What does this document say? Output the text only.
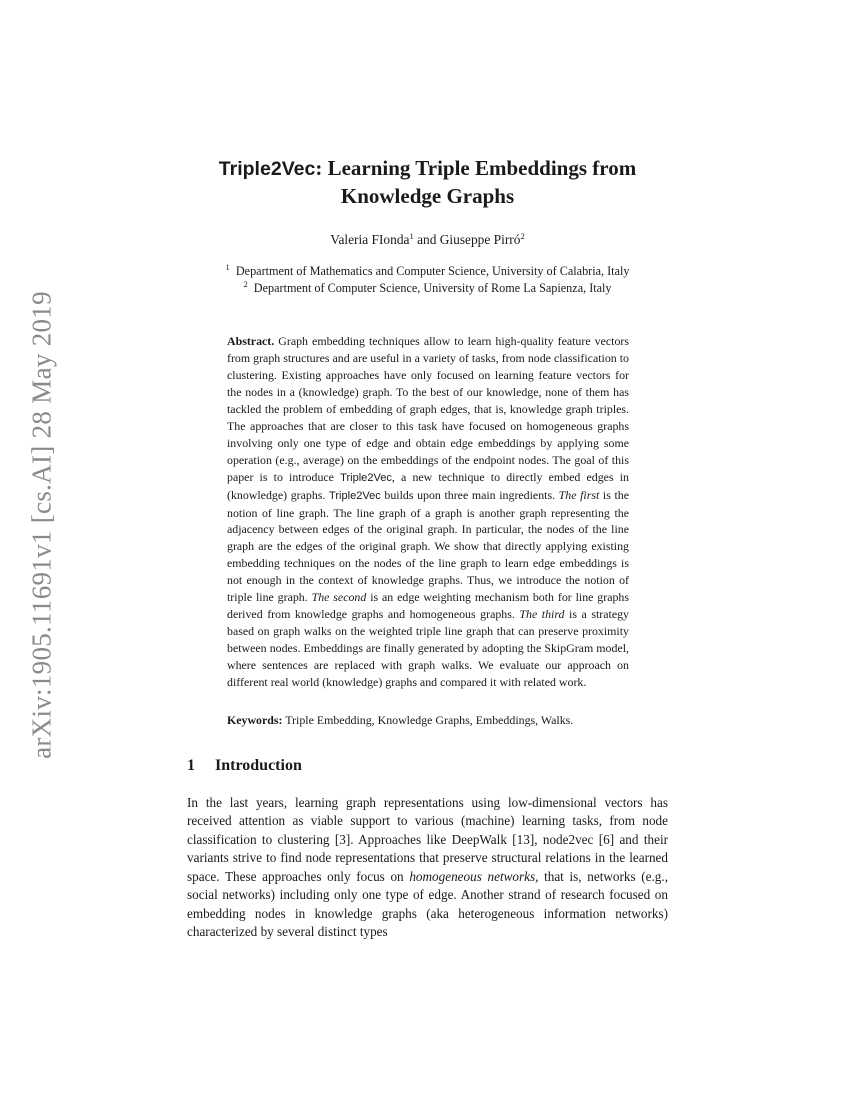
arXiv:1905.11691v1 [cs.AI] 28 May 2019
Triple2Vec: Learning Triple Embeddings from
Knowledge Graphs
Valeria FIonda$^1$ and Giuseppe Pirró$^2$
$^1$ Department of Mathematics and Computer Science, University of Calabria, Italy
$^2$ Department of Computer Science, University of Rome La Sapienza, Italy

Abstract. Graph embedding techniques allow to learn high-quality feature vectors from graph structures and are useful in a variety of tasks, from node classification to clustering. Existing approaches have only focused on learning feature vectors for the nodes in a (knowledge) graph. To the best of our knowledge, none of them has tackled the problem of embedding of graph edges, that is, knowledge graph triples. The approaches that are closer to this task have focused on homogeneous graphs involving only one type of edge and obtain edge embeddings by applying some operation (e.g., average) on the embeddings of the endpoint nodes. The goal of this paper is to introduce Triple2Vec, a new technique to directly embed edges in (knowledge) graphs. Triple2Vec builds upon three main ingredients. The first is the notion of line graph. The line graph of a graph is another graph representing the adjacency between edges of the original graph. In particular, the nodes of the line graph are the edges of the original graph. We show that directly applying existing embedding techniques on the nodes of the line graph to learn edge embeddings is not enough in the context of knowledge graphs. Thus, we introduce the notion of triple line graph. The second is an edge weighting mechanism both for line graphs derived from knowledge graphs and homogeneous graphs. The third is a strategy based on graph walks on the weighted triple line graph that can preserve proximity between nodes. Embeddings are finally generated by adopting the SkipGram model, where sentences are replaced with graph walks. We evaluate our approach on different real world (knowledge) graphs and compared it with related work.

Keywords: Triple Embedding, Knowledge Graphs, Embeddings, Walks.

1 Introduction

In the last years, learning graph representations using low-dimensional vectors has received attention as viable support to various (machine) learning tasks, from node classification to clustering [3]. Approaches like DeepWalk [13], node2vec [6] and their variants strive to find node representations that preserve structural relations in the learned space. These approaches only focus on homogeneous networks, that is, networks (e.g., social networks) including only one type of edge. Another strand of research focused on embedding nodes in knowledge graphs (aka heterogeneous information networks) characterized by several distinct types
